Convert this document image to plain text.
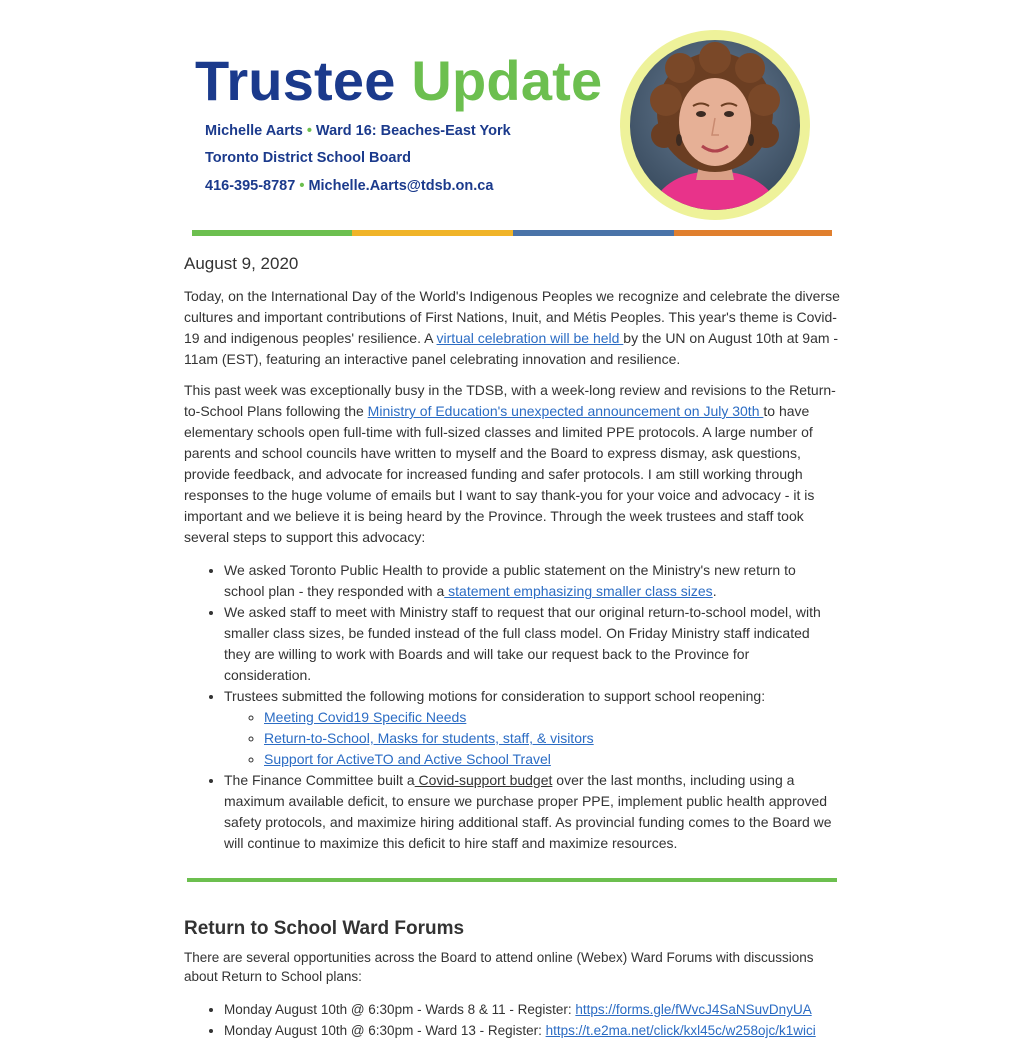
Trustee Update
Michelle Aarts • Ward 16: Beaches-East York
Toronto District School Board
416-395-8787 • Michelle.Aarts@tdsb.on.ca
August 9, 2020

Today, on the International Day of the World's Indigenous Peoples we recognize and celebrate the diverse cultures and important contributions of First Nations, Inuit, and Métis Peoples. This year's theme is Covid-19 and indigenous peoples' resilience. A virtual celebration will be held by the UN on August 10th at 9am - 11am (EST), featuring an interactive panel celebrating innovation and resilience.

This past week was exceptionally busy in the TDSB, with a week-long review and revisions to the Return-to-School Plans following the Ministry of Education's unexpected announcement on July 30th to have elementary schools open full-time with full-sized classes and limited PPE protocols. A large number of parents and school councils have written to myself and the Board to express dismay, ask questions, provide feedback, and advocate for increased funding and safer protocols. I am still working through responses to the huge volume of emails but I want to say thank-you for your voice and advocacy - it is important and we believe it is being heard by the Province. Through the week trustees and staff took several steps to support this advocacy:

• We asked Toronto Public Health to provide a public statement on the Ministry's new return to school plan - they responded with a statement emphasizing smaller class sizes.
• We asked staff to meet with Ministry staff to request that our original return-to-school model, with smaller class sizes, be funded instead of the full class model. On Friday Ministry staff indicated they are willing to work with Boards and will take our request back to the Province for consideration.
• Trustees submitted the following motions for consideration to support school reopening:
◦ Meeting Covid19 Specific Needs
◦ Return-to-School, Masks for students, staff, & visitors
◦ Support for ActiveTO and Active School Travel
• The Finance Committee built a Covid-support budget over the last months, including using a maximum available deficit, to ensure we purchase proper PPE, implement public health approved safety protocols, and maximize hiring additional staff. As provincial funding comes to the Board we will continue to maximize this deficit to hire staff and maximize resources.
Return to School Ward Forums
There are several opportunities across the Board to attend online (Webex) Ward Forums with discussions about Return to School plans:
• Monday August 10th @ 6:30pm - Wards 8 & 11 - Register: https://forms.gle/fWvcJ4SaNSuvDnyUA
• Monday August 10th @ 6:30pm - Ward 13 - Register: https://t.e2ma.net/click/kxl45c/w258ojc/k1wici
